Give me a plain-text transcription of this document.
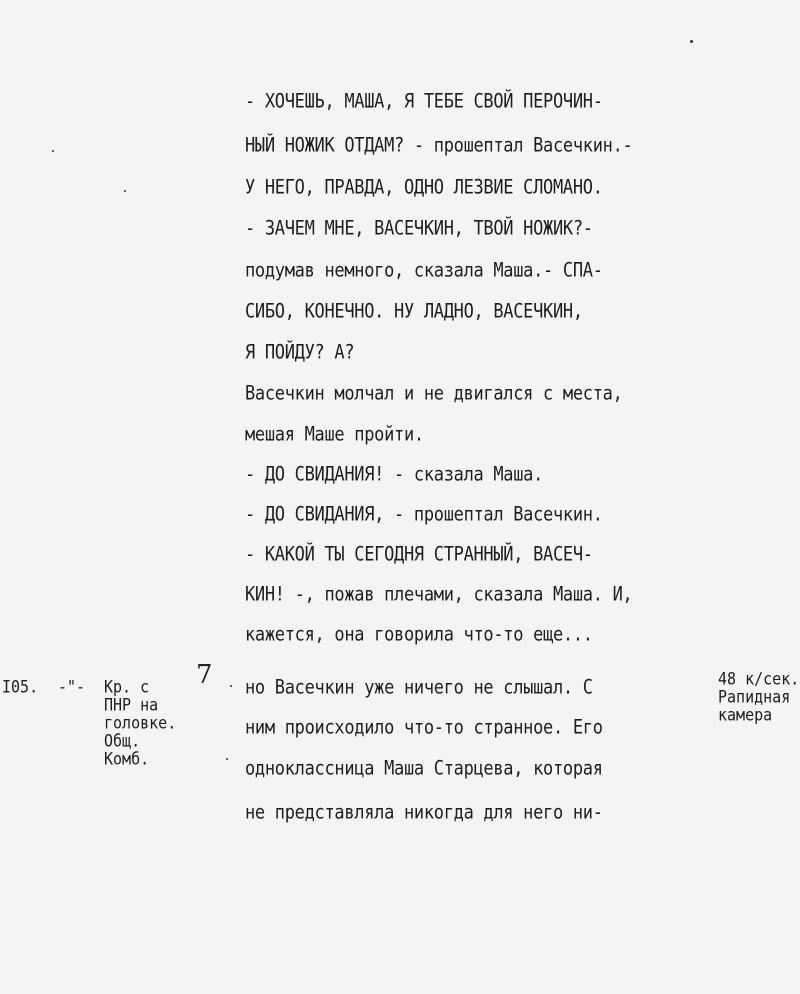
- ХОЧЕШЬ, МАША, Я ТЕБЕ СВОЙ ПЕРОЧИН-
НЫЙ НОЖИК ОТДАМ? - прошептал Васечкин.-
У НЕГО, ПРАВДА, ОДНО ЛЕЗВИЕ СЛОМАНО.
- ЗАЧЕМ МНЕ, ВАСЕЧКИН, ТВОЙ НОЖИК?-
подумав немного, сказала Маша.- СПА-
СИБО, КОНЕЧНО. НУ ЛАДНО, ВАСЕЧКИН,
Я ПОЙДУ? А?
Васечкин молчал и не двигался с места,
мешая Маше пройти.
- ДО СВИДАНИЯ! - сказала Маша.
- ДО СВИДАНИЯ, - прошептал Васечкин.
- КАКОЙ ТЫ СЕГОДНЯ СТРАННЫЙ, ВАСЕЧ-
КИН! -, пожав плечами, сказала Маша. И,
кажется, она говорила что-то еще...
но Васечкин уже ничего не слышал. С
ним происходило что-то странное. Его
одноклассница Маша Старцева, которая
не представляла никогда для него ни-
I05. -"- Кр. с
ПНР на
головке.
Общ.
Комб.
7	48 к/сек.
Рапидная
камера
